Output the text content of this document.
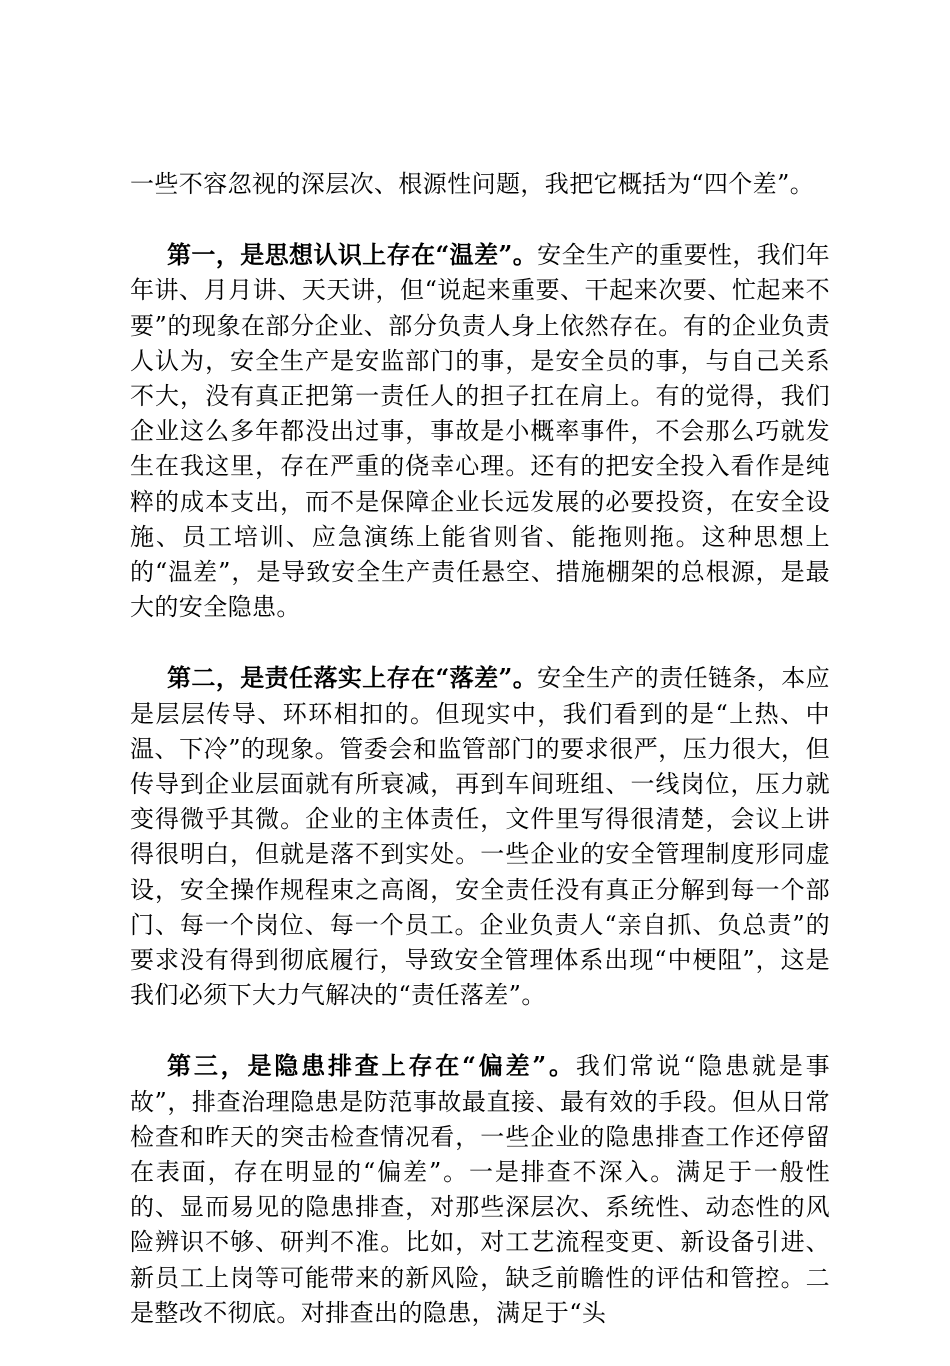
一些不容忽视的深层次、根源性问题，我把它概括为“四个差”。

第一，是思想认识上存在“温差”。安全生产的重要性，我们年年讲、月月讲、天天讲，但“说起来重要、干起来次要、忙起来不要”的现象在部分企业、部分负责人身上依然存在。有的企业负责人认为，安全生产是安监部门的事，是安全员的事，与自己关系不大，没有真正把第一责任人的担子扛在肩上。有的觉得，我们企业这么多年都没出过事，事故是小概率事件，不会那么巧就发生在我这里，存在严重的侥幸心理。还有的把安全投入看作是纯粹的成本支出，而不是保障企业长远发展的必要投资，在安全设施、员工培训、应急演练上能省则省、能拖则拖。这种思想上的“温差”，是导致安全生产责任悬空、措施棚架的总根源，是最大的安全隐患。

第二，是责任落实上存在“落差”。安全生产的责任链条，本应是层层传导、环环相扣的。但现实中，我们看到的是“上热、中温、下冷”的现象。管委会和监管部门的要求很严，压力很大，但传导到企业层面就有所衰减，再到车间班组、一线岗位，压力就变得微乎其微。企业的主体责任，文件里写得很清楚，会议上讲得很明白，但就是落不到实处。一些企业的安全管理制度形同虚设，安全操作规程束之高阁，安全责任没有真正分解到每一个部门、每一个岗位、每一个员工。企业负责人“亲自抓、负总责”的要求没有得到彻底履行，导致安全管理体系出现“中梗阻”，这是我们必须下大力气解决的“责任落差”。

第三，是隐患排查上存在“偏差”。我们常说“隐患就是事故”，排查治理隐患是防范事故最直接、最有效的手段。但从日常检查和昨天的突击检查情况看，一些企业的隐患排查工作还停留在表面，存在明显的“偏差”。一是排查不深入。满足于一般性的、显而易见的隐患排查，对那些深层次、系统性、动态性的风险辨识不够、研判不准。比如，对工艺流程变更、新设备引进、新员工上岗等可能带来的新风险，缺乏前瞻性的评估和管控。二是整改不彻底。对排查出的隐患，满足于“头
